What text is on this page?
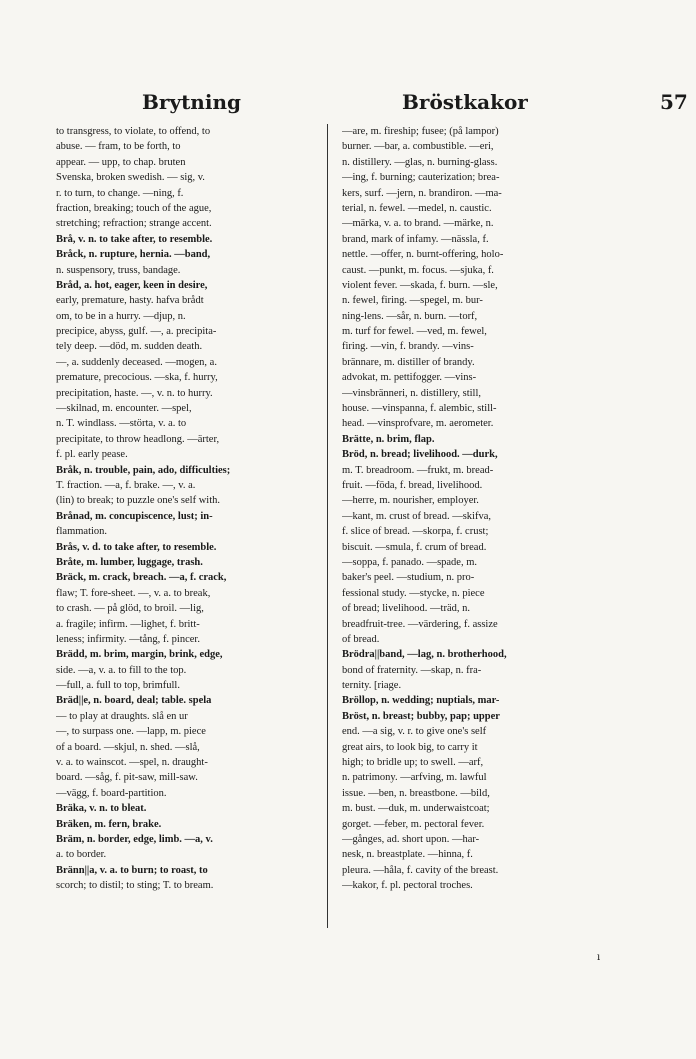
Brytning	Bröstkakor	57
to transgress, to violate, to offend, to
abuse. — fram, to be forth, to
appear. — upp, to chap. bruten
Svenska, broken swedish. — sig, v.
r. to turn, to change. —ning, f.
fraction, breaking; touch of the ague,
stretching; refraction; strange accent.
Brå, v. n. to take after, to resemble.
Bråck, n. rupture, hernia. —band,
n. suspensory, truss, bandage.
Bråd, a. hot, eager, keen in desire,
early, premature, hasty. hafva brådt
om, to be in a hurry. —djup, n.
precipice, abyss, gulf. —, a. precipita-
tely deep. —död, m. sudden death.
—, a. suddenly deceased. —mogen, a.
premature, precocious. —ska, f. hurry,
precipitation, haste. —, v. n. to hurry.
—skilnad, m. encounter. —spel,
n. T. windlass. —störta, v. a. to
precipitate, to throw headlong. —ärter,
f. pl. early pease.
Bråk, n. trouble, pain, ado, difficulties;
T. fraction. —a, f. brake. —, v. a.
(lin) to break; to puzzle one's self with.
Brånad, m. concupiscence, lust; in-
flammation.
Brås, v. d. to take after, to resemble.
Bråte, m. lumber, luggage, trash.
Bräck, m. crack, breach. —a, f. crack,
flaw; T. fore-sheet. —, v. a. to break,
to crash. — på glöd, to broil. —lig,
a. fragile; infirm. —lighet, f. britt-
leness; infirmity. —tång, f. pincer.
Brädd, m. brim, margin, brink, edge,
side. —a, v. a. to fill to the top.
—full, a. full to top, brimfull.
Bräd||e, n. board, deal; table. spela
— to play at draughts. slå en ur
—, to surpass one. —lapp, m. piece
of a board. —skjul, n. shed. —slå,
v. a. to wainscot. —spel, n. draught-
board. —såg, f. pit-saw, mill-saw.
—vägg, f. board-partition.
Bräka, v. n. to bleat.
Bräken, m. fern, brake.
Bräm, n. border, edge, limb. —a, v.
a. to border.
Bränn||a, v. a. to burn; to roast, to
scorch; to distil; to sting; T. to bream.
—are, m. fireship; fusee; (på lampor)
burner. —bar, a. combustible. —eri,
n. distillery. —glas, n. burning-glass.
—ing, f. burning; cauterization; brea-
kers, surf. —jern, n. brandiron. —ma-
terial, n. fewel. —medel, n. caustic.
—märka, v. a. to brand. —märke, n.
brand, mark of infamy. —nässla, f.
nettle. —offer, n. burnt-offering, holo-
caust. —punkt, m. focus. —sjuka, f.
violent fever. —skada, f. burn. —sle,
n. fewel, firing. —spegel, m. bur-
ning-lens. —sår, n. burn. —torf,
m. turf for fewel. —ved, m. fewel,
firing. —vin, f. brandy. —vins-
brännare, m. distiller of brandy.
advokat, m. pettifogger. —vins-
—vinsbränneri, n. distillery, still,
house. —vinspanna, f. alembic, still-
head. —vinsprofvare, m. aerometer.
Brätte, n. brim, flap.
Bröd, n. bread; livelihood. —durk,
m. T. breadroom. —frukt, m. bread-
fruit. —föda, f. bread, livelihood.
—herre, m. nourisher, employer.
—kant, m. crust of bread. —skifva,
f. slice of bread. —skorpa, f. crust;
biscuit. —smula, f. crum of bread.
—soppa, f. panado. —spade, m.
baker's peel. —studium, n. pro-
fessional study. —stycke, n. piece
of bread; livelihood. —träd, n.
breadfruit-tree. —värdering, f. assize
of bread.
Brödra||band, —lag, n. brotherhood,
bond of fraternity. —skap, n. fra-
ternity. [riage.
Bröllop, n. wedding; nuptials, mar-
Bröst, n. breast; bubby, pap; upper
end. —a sig, v. r. to give one's self
great airs, to look big, to carry it
high; to bridle up; to swell. —arf,
n. patrimony. —arfving, m. lawful
issue. —ben, n. breastbone. —bild,
m. bust. —duk, m. underwaistcoat;
gorget. —feber, m. pectoral fever.
—gånges, ad. short upon. —har-
nesk, n. breastplate. —hinna, f.
pleura. —håla, f. cavity of the breast.
—kakor, f. pl. pectoral troches.
ı
